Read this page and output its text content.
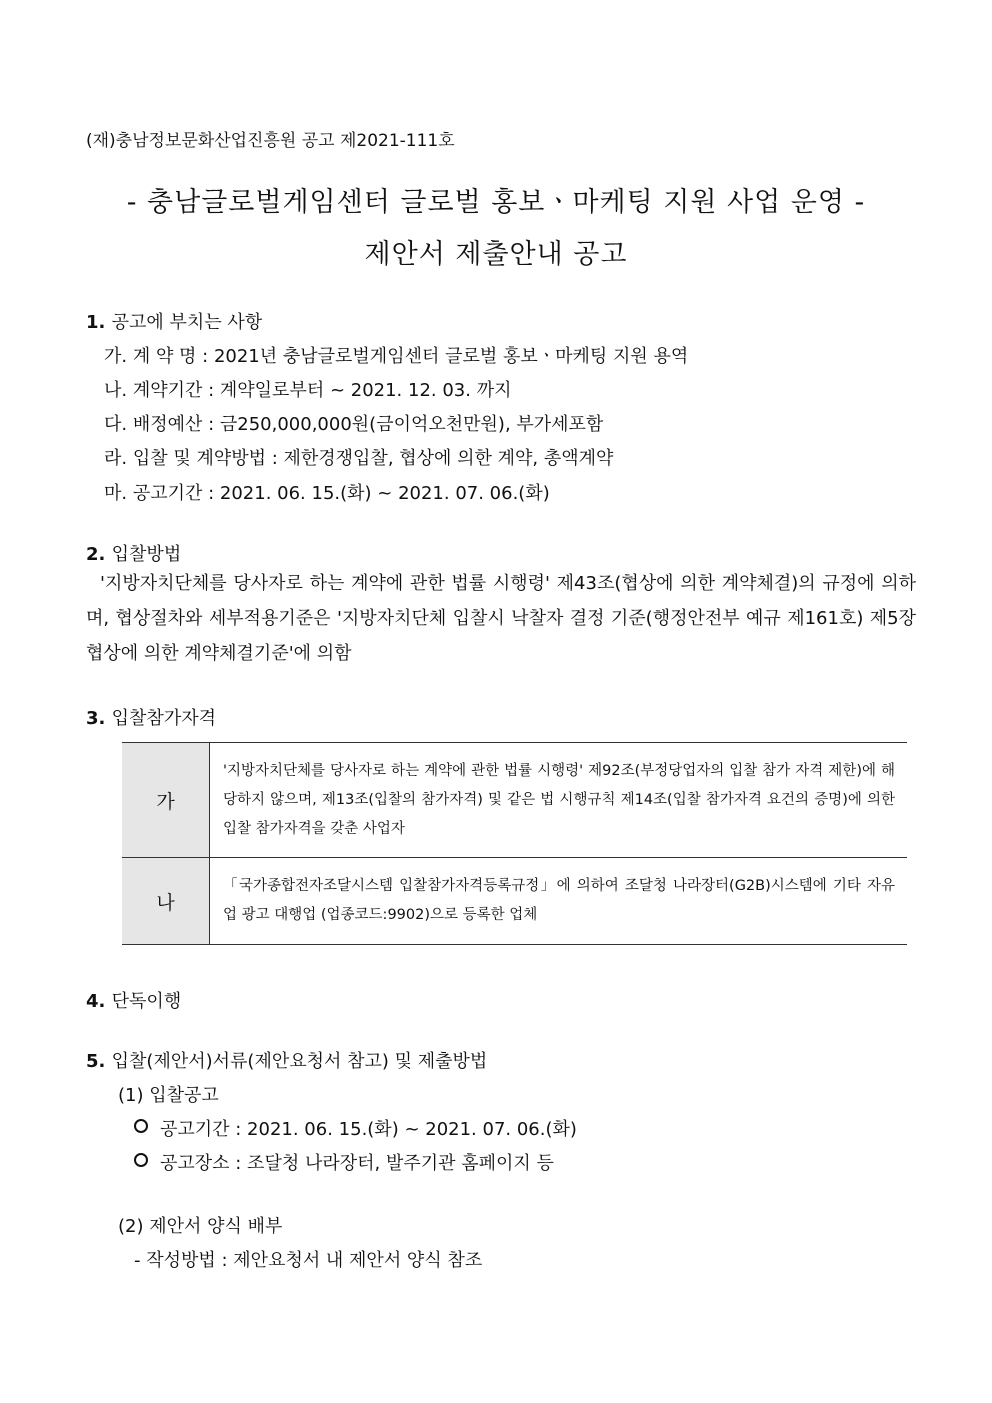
(재)충남정보문화산업진흥원 공고 제2021-111호
- 충남글로벌게임센터 글로벌 홍보ㆍ마케팅 지원 사업 운영 -
제안서 제출안내 공고
1. 공고에 부치는 사항
가. 계 약 명 : 2021년 충남글로벌게임센터 글로벌 홍보ㆍ마케팅 지원 용역
나. 계약기간 : 계약일로부터 ~ 2021. 12. 03. 까지
다. 배정예산 : 금250,000,000원(금이억오천만원), 부가세포함
라. 입찰 및 계약방법 : 제한경쟁입찰, 협상에 의한 계약, 총액계약
마. 공고기간 : 2021. 06. 15.(화) ~ 2021. 07. 06.(화)
2. 입찰방법
'지방자치단체를 당사자로 하는 계약에 관한 법률 시행령' 제43조(협상에 의한 계약체결)의 규정에 의하며, 협상절차와 세부적용기준은 '지방자치단체 입찰시 낙찰자 결정 기준(행정안전부 예규 제161호) 제5장 협상에 의한 계약체결기준'에 의함
3. 입찰참가자격
가	'지방자치단체를 당사자로 하는 계약에 관한 법률 시행령' 제92조(부정당업자의 입찰 참가 자격 제한)에 해당하지 않으며, 제13조(입찰의 참가자격) 및 같은 법 시행규칙 제14조(입찰 참가자격 요건의 증명)에 의한 입찰 참가자격을 갖춘 사업자
나	「국가종합전자조달시스템 입찰참가자격등록규정」에 의하여 조달청 나라장터(G2B)시스템에 기타 자유업 광고 대행업 (업종코드:9902)으로 등록한 업체
4. 단독이행
5. 입찰(제안서)서류(제안요청서 참고) 및 제출방법
(1) 입찰공고
공고기간 : 2021. 06. 15.(화) ~ 2021. 07. 06.(화)
공고장소 : 조달청 나라장터, 발주기관 홈페이지 등
(2) 제안서 양식 배부
- 작성방법 : 제안요청서 내 제안서 양식 참조
